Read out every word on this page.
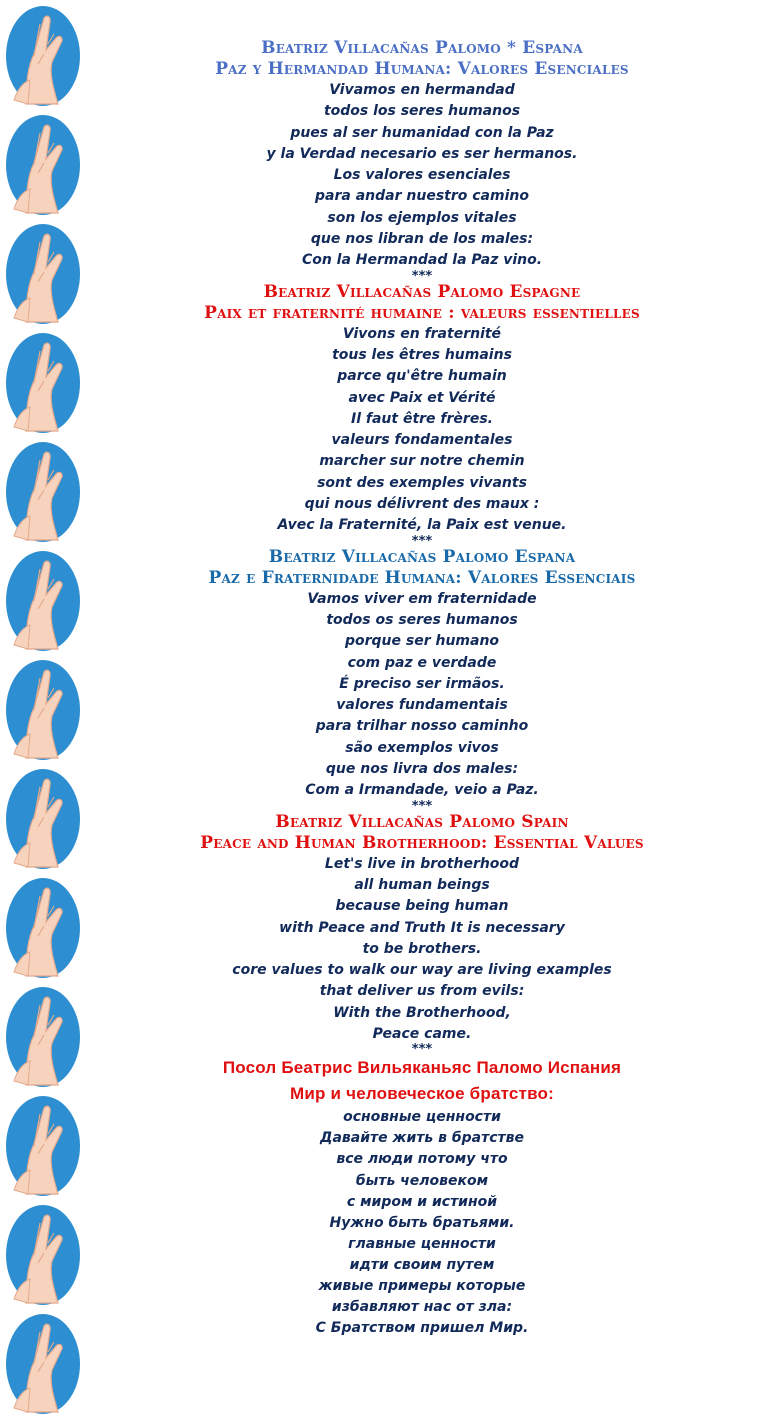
Beatriz Villacañas Palomo * Espana
Paz y Hermandad Humana: Valores Esenciales

Vivamos en hermandad

todos los seres humanos

pues al ser humanidad con la Paz

y la Verdad necesario es ser hermanos.

Los valores esenciales

para andar nuestro camino

son los ejemplos vitales

que nos libran de los males:

Con la Hermandad la Paz vino.

***

Beatriz Villacañas Palomo Espagne
Paix et fraternité humaine : valeurs essentielles

Vivons en fraternité

tous les êtres humains

parce qu'être humain

avec Paix et Vérité

Il faut être frères.

valeurs fondamentales

marcher sur notre chemin

sont des exemples vivants

qui nous délivrent des maux :

Avec la Fraternité, la Paix est venue.

***

Beatriz Villacañas Palomo Espana
Paz e Fraternidade Humana: Valores Essenciais

Vamos viver em fraternidade

todos os seres humanos

porque ser humano

com paz e verdade

É preciso ser irmãos.

valores fundamentais

para trilhar nosso caminho

são exemplos vivos

que nos livra dos males:

Com a Irmandade, veio a Paz.

***

Beatriz Villacañas Palomo Spain
Peace and Human Brotherhood: Essential Values

Let's live in brotherhood

all human beings

because being human

with Peace and Truth It is necessary

to be brothers.

core values to walk our way are living examples

that deliver us from evils:

With the Brotherhood,

Peace came.

***

Посол Беатрис Вильяканьяс Паломо Испания
Мир и человеческое братство:

основные ценности

Давайте жить в братстве

все люди потому что

быть человеком

с миром и истиной

Нужно быть братьями.

главные ценности

идти своим путем

живые примеры которые

избавляют нас от зла:

С Братством пришел Мир.
